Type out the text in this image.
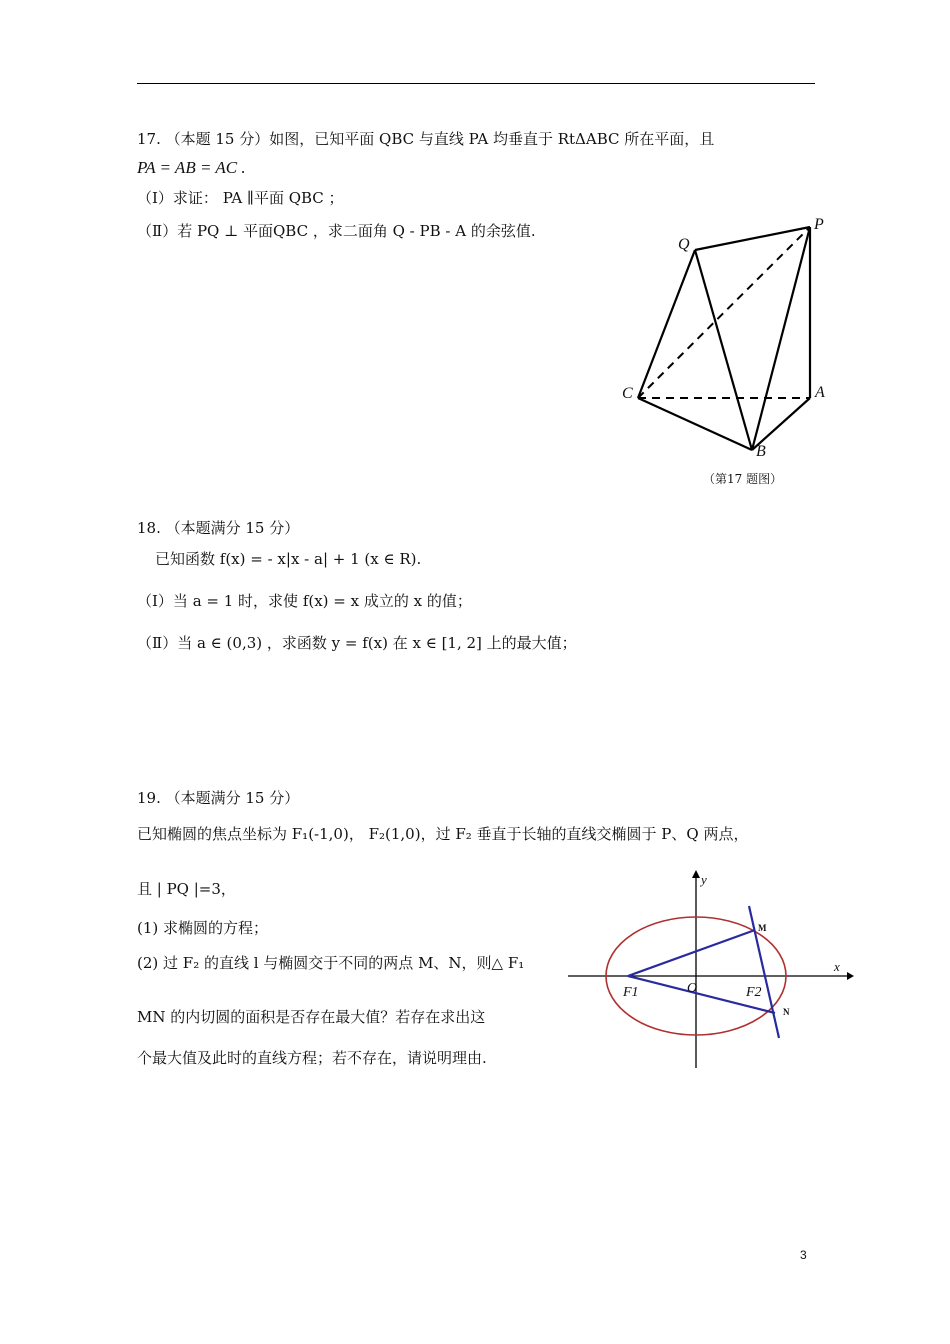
17. （本题 15 分）如图，已知平面 QBC 与直线 PA 均垂直于 RtΔABC 所在平面，且
PA = AB = AC .
（Ⅰ）求证： PA ∥平面 QBC ；
（Ⅱ）若 PQ ⊥ 平面QBC ，求二面角 Q - PB - A 的余弦值.	P
Q
C	A
B
（第17 题图）
18. （本题满分 15 分）
已知函数 f(x) = - x|x - a| + 1 (x ∈ R).
（Ⅰ）当 a = 1 时，求使 f(x) = x 成立的 x 的值；
（Ⅱ）当 a ∈ (0,3) ，求函数 y = f(x) 在 x ∈ [1, 2] 上的最大值；
19. （本题满分 15 分）
已知椭圆的焦点坐标为 F₁(-1,0)， F₂(1,0)，过 F₂ 垂直于长轴的直线交椭圆于 P、Q 两点，
且 | PQ |=3，
(1) 求椭圆的方程；
(2) 过 F₂ 的直线 l 与椭圆交于不同的两点 M、N，则△ F₁
MN 的内切圆的面积是否存在最大值？若存在求出这
个最大值及此时的直线方程；若不存在，请说明理由.
y
x
M
N
F1	F2
O
3
